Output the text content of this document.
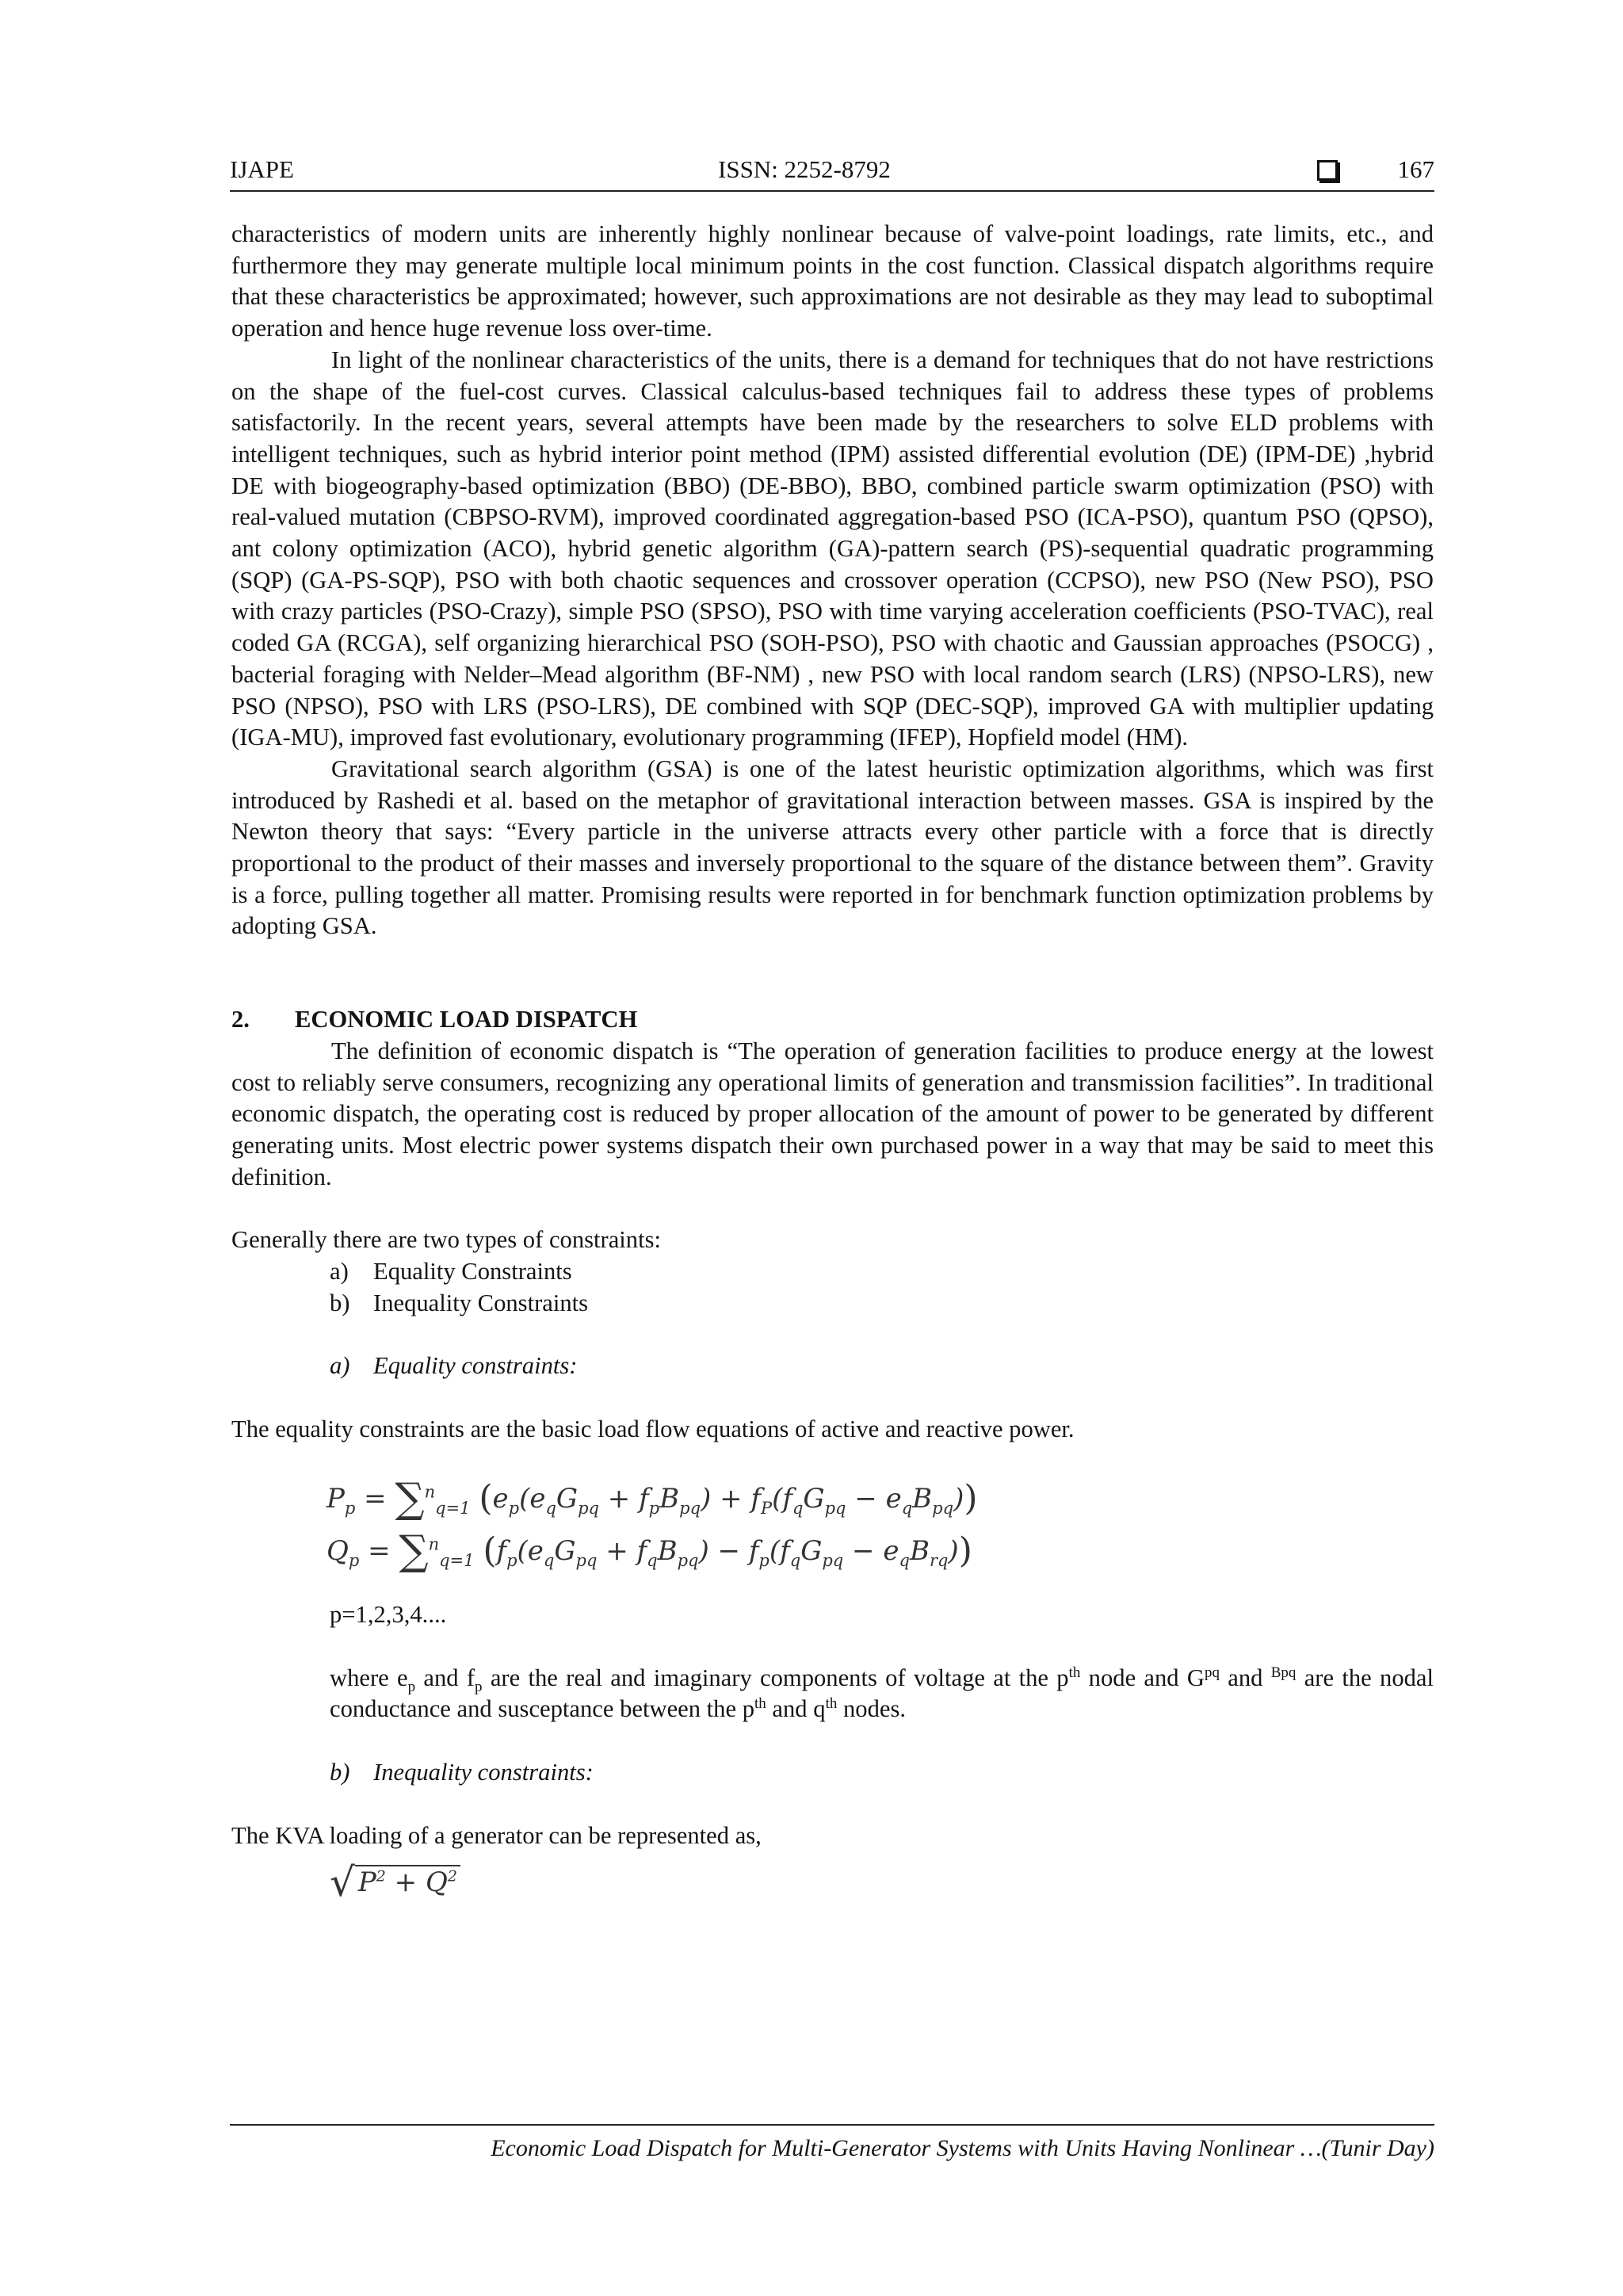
IJAPE	ISSN: 2252-8792	167

characteristics of modern units are inherently highly nonlinear because of valve-point loadings, rate limits, etc., and furthermore they may generate multiple local minimum points in the cost function. Classical dispatch algorithms require that these characteristics be approximated; however, such approximations are not desirable as they may lead to suboptimal operation and hence huge revenue loss over-time.

In light of the nonlinear characteristics of the units, there is a demand for techniques that do not have restrictions on the shape of the fuel-cost curves. Classical calculus-based techniques fail to address these types of problems satisfactorily. In the recent years, several attempts have been made by the researchers to solve ELD problems with intelligent techniques, such as hybrid interior point method (IPM) assisted differential evolution (DE) (IPM-DE) ,hybrid DE with biogeography-based optimization (BBO) (DE-BBO), BBO, combined particle swarm optimization (PSO) with real-valued mutation (CBPSO-RVM), improved coordinated aggregation-based PSO (ICA-PSO), quantum PSO (QPSO), ant colony optimization (ACO), hybrid genetic algorithm (GA)-pattern search (PS)-sequential quadratic programming (SQP) (GA-PS-SQP), PSO with both chaotic sequences and crossover operation (CCPSO), new PSO (New PSO), PSO with crazy particles (PSO-Crazy), simple PSO (SPSO), PSO with time varying acceleration coefficients (PSO-TVAC), real coded GA (RCGA), self organizing hierarchical PSO (SOH-PSO), PSO with chaotic and Gaussian approaches (PSOCG) , bacterial foraging with Nelder–Mead algorithm (BF-NM) , new PSO with local random search (LRS) (NPSO-LRS), new PSO (NPSO), PSO with LRS (PSO-LRS), DE combined with SQP (DEC-SQP), improved GA with multiplier updating (IGA-MU), improved fast evolutionary, evolutionary programming (IFEP), Hopfield model (HM).

Gravitational search algorithm (GSA) is one of the latest heuristic optimization algorithms, which was first introduced by Rashedi et al. based on the metaphor of gravitational interaction between masses. GSA is inspired by the Newton theory that says: “Every particle in the universe attracts every other particle with a force that is directly proportional to the product of their masses and inversely proportional to the square of the distance between them”. Gravity is a force, pulling together all matter. Promising results were reported in for benchmark function optimization problems by adopting GSA.

2. ECONOMIC LOAD DISPATCH

The definition of economic dispatch is “The operation of generation facilities to produce energy at the lowest cost to reliably serve consumers, recognizing any operational limits of generation and transmission facilities”. In traditional economic dispatch, the operating cost is reduced by proper allocation of the amount of power to be generated by different generating units. Most electric power systems dispatch their own purchased power in a way that may be said to meet this definition.

Generally there are two types of constraints:

a) Equality Constraints
b) Inequality Constraints

a) Equality constraints:

The equality constraints are the basic load flow equations of active and reactive power.

$P_p = \sum^n_{q=1}$ $(e_p(e_qG_{pq} + f_pB_{pq}) + f_P(f_qG_{pq} - e_qB_{pq}))$
$Q_p = \sum^n_{q=1}$ $(f_p(e_qG_{pq} + f_qB_{pq}) - f_p(f_qG_{pq} - e_qB_{rq}))$

p=1,2,3,4....

where $e_p$ and $f_p$ are the real and imaginary components of voltage at the $p^{th}$ node and $G^{pq}$ and $^{Bpq}$ are the nodal conductance and susceptance between the $p^{th}$ and $q^{th}$ nodes.

b) Inequality constraints:

The KVA loading of a generator can be represented as,

√ $P^2 + Q^2$
Economic Load Dispatch for Multi-Generator Systems with Units Having Nonlinear …(Tunir Day)
